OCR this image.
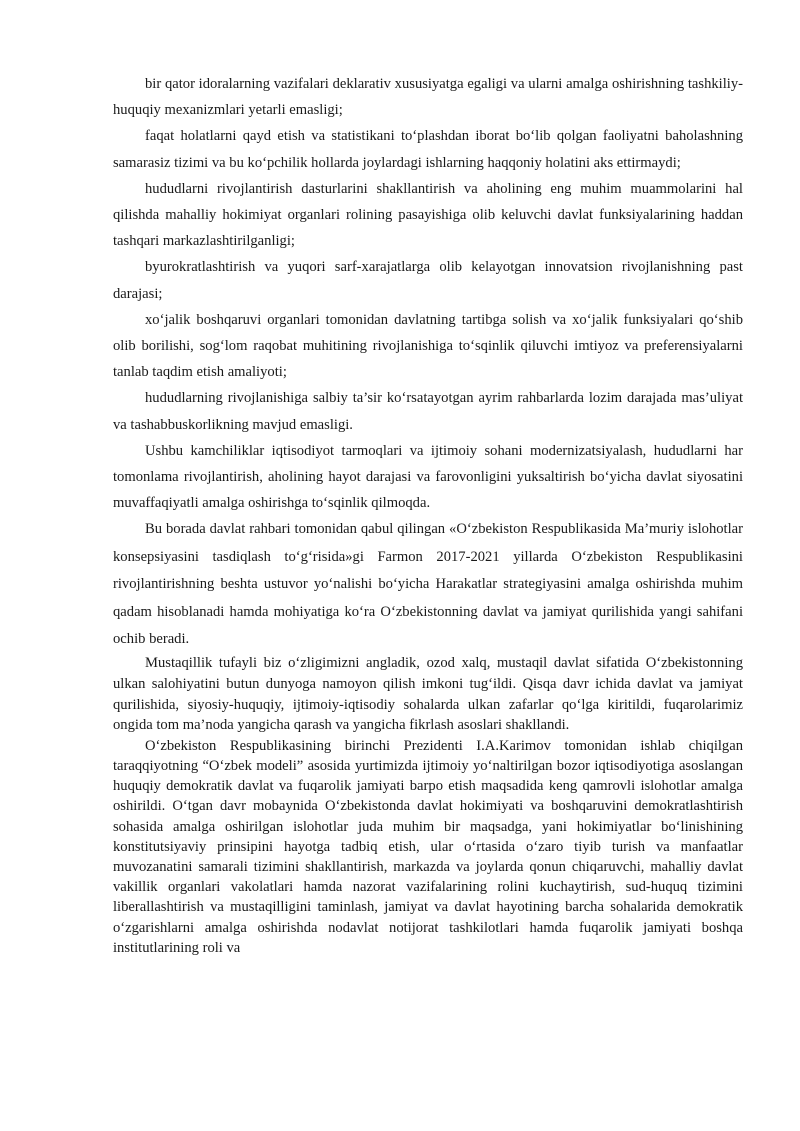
bir qator idoralarning vazifalari deklarativ xususiyatga egaligi va ularni amalga oshirishning tashkiliy-huquqiy mexanizmlari yetarli emasligi;

faqat holatlarni qayd etish va statistikani to‘plashdan iborat bo‘lib qolgan faoliyatni baholashning samarasiz tizimi va bu ko‘pchilik hollarda joylardagi ishlarning haqqoniy holatini aks ettirmaydi;

hududlarni rivojlantirish dasturlarini shakllantirish va aholining eng muhim muammolarini hal qilishda mahalliy hokimiyat organlari rolining pasayishiga olib keluvchi davlat funksiyalarining haddan tashqari markazlashtirilganligi;

byurokratlashtirish va yuqori sarf-xarajatlarga olib kelayotgan innovatsion rivojlanishning past darajasi;

xo‘jalik boshqaruvi organlari tomonidan davlatning tartibga solish va xo‘jalik funksiyalari qo‘shib olib borilishi, sog‘lom raqobat muhitining rivojlanishiga to‘sqinlik qiluvchi imtiyoz va preferensiyalarni tanlab taqdim etish amaliyoti;

hududlarning rivojlanishiga salbiy ta’sir ko‘rsatayotgan ayrim rahbarlarda lozim darajada mas’uliyat va tashabbuskorlikning mavjud emasligi.

Ushbu kamchiliklar iqtisodiyot tarmoqlari va ijtimoiy sohani modernizatsiyalash, hududlarni har tomonlama rivojlantirish, aholining hayot darajasi va farovonligini yuksaltirish bo‘yicha davlat siyosatini muvaffaqiyatli amalga oshirishga to‘sqinlik qilmoqda.

Bu borada davlat rahbari tomonidan qabul qilingan «O‘zbekiston Respublikasida Ma’muriy islohotlar konsepsiyasini tasdiqlash to‘g‘risida»gi Farmon 2017-2021 yillarda O‘zbekiston Respublikasini rivojlantirishning beshta ustuvor yo‘nalishi bo‘yicha Harakatlar strategiyasini amalga oshirishda muhim qadam hisoblanadi hamda mohiyatiga ko‘ra O‘zbekistonning davlat va jamiyat qurilishida yangi sahifani ochib beradi.

Mustaqillik tufayli biz o‘zligimizni angladik, ozod xalq, mustaqil davlat sifatida O‘zbekistonning ulkan salohiyatini butun dunyoga namoyon qilish imkoni tug‘ildi. Qisqa davr ichida davlat va jamiyat qurilishida, siyosiy-huquqiy, ijtimoiy-iqtisodiy sohalarda ulkan zafarlar qo‘lga kiritildi, fuqarolarimiz ongida tom ma’noda yangicha qarash va yangicha fikrlash asoslari shakllandi.

O‘zbekiston Respublikasining birinchi Prezidenti I.A.Karimov tomonidan ishlab chiqilgan taraqqiyotning “O‘zbek modeli” asosida yurtimizda ijtimoiy yo‘naltirilgan bozor iqtisodiyotiga asoslangan huquqiy demokratik davlat va fuqarolik jamiyati barpo etish maqsadida keng qamrovli islohotlar amalga oshirildi. O‘tgan davr mobaynida O‘zbekistonda davlat hokimiyati va boshqaruvini demokratlashtirish sohasida amalga oshirilgan islohotlar juda muhim bir maqsadga, yani hokimiyatlar bo‘linishining konstitutsiyaviy prinsipini hayotga tadbiq etish, ular o‘rtasida o‘zaro tiyib turish va manfaatlar muvozanatini samarali tizimini shakllantirish, markazda va joylarda qonun chiqaruvchi, mahalliy davlat vakillik organlari vakolatlari hamda nazorat vazifalarining rolini kuchaytirish, sud-huquq tizimini liberallashtirish va mustaqilligini taminlash, jamiyat va davlat hayotining barcha sohalarida demokratik o‘zgarishlarni amalga oshirishda nodavlat notijorat tashkilotlari hamda fuqarolik jamiyati boshqa institutlarining roli va
